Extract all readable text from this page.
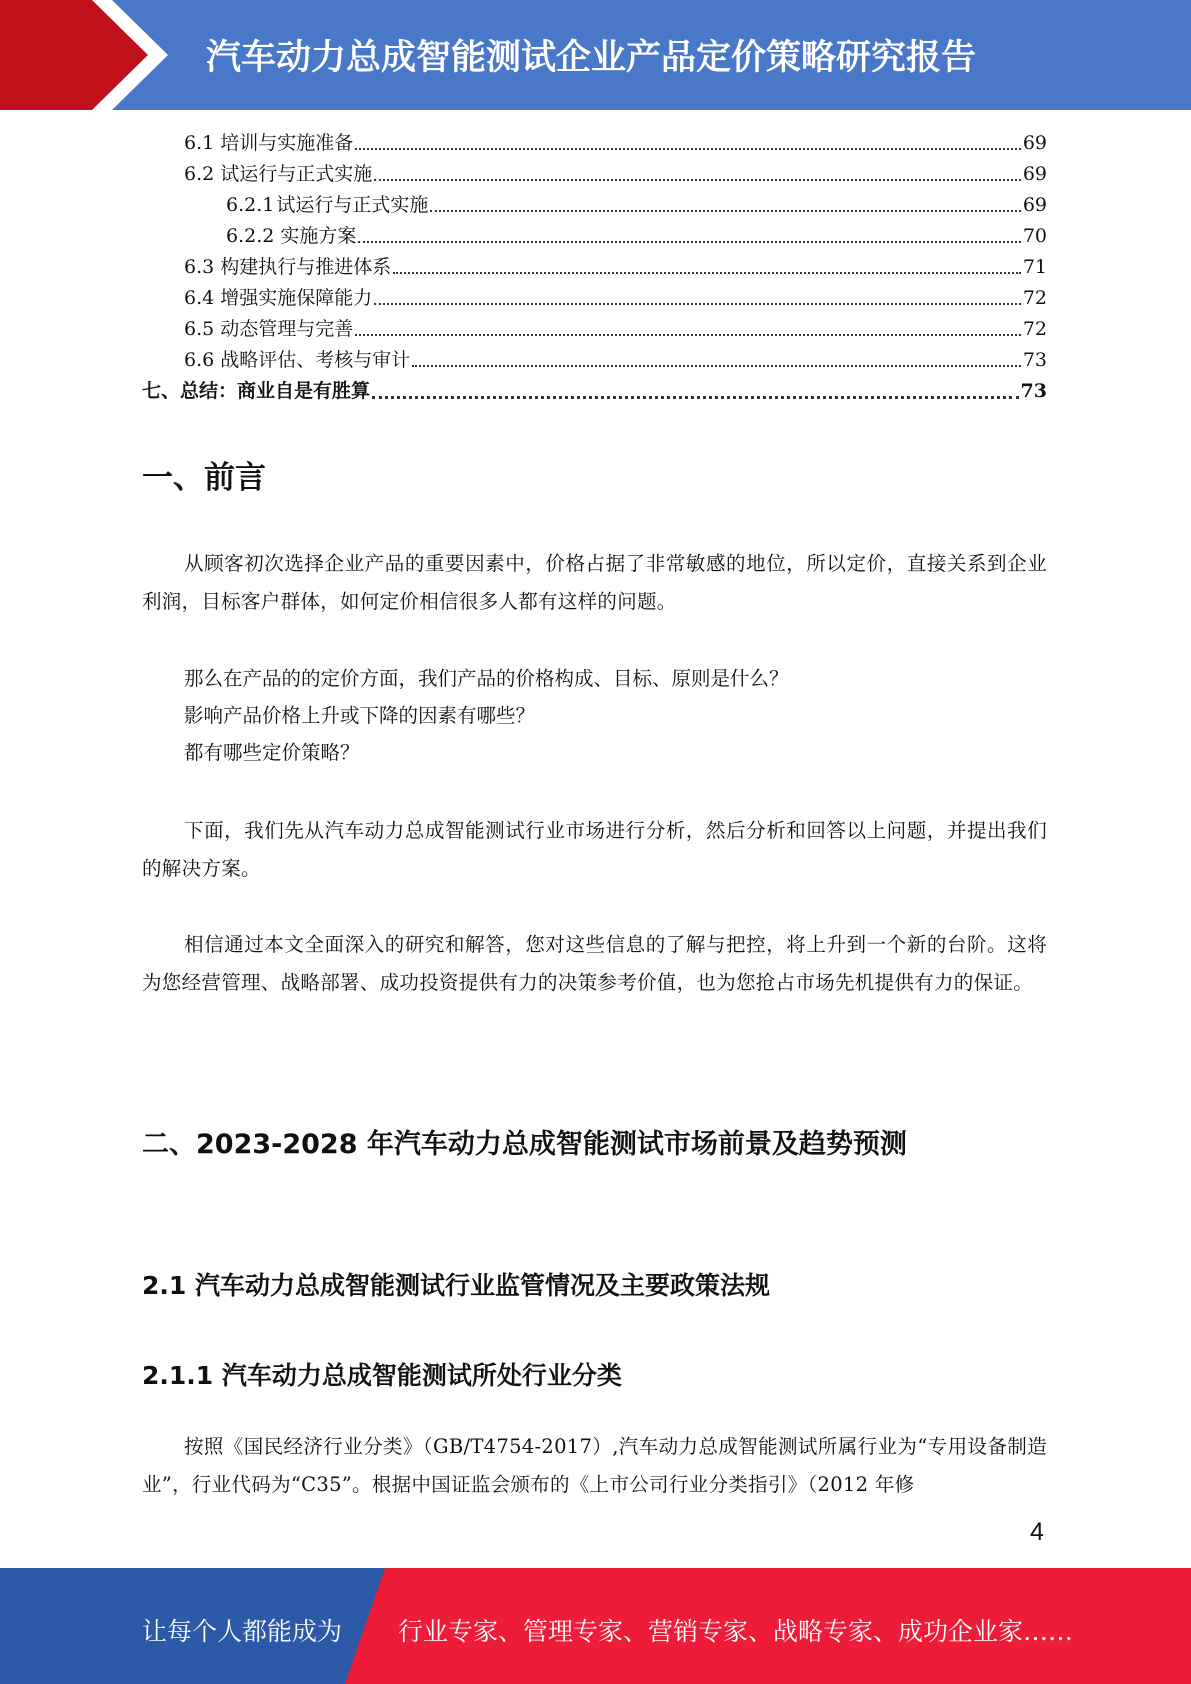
汽车动力总成智能测试企业产品定价策略研究报告
6.1 培训与实施准备	69
6.2 试运行与正式实施	69
6.2.1 试运行与正式实施	69
6.2.2 实施方案	70
6.3 构建执行与推进体系	71
6.4 增强实施保障能力	72
6.5 动态管理与完善	72
6.6 战略评估、考核与审计	73
七、总结：商业自是有胜算	73
一、前言
从顾客初次选择企业产品的重要因素中，价格占据了非常敏感的地位，所以定价，直接关系到企业利润，目标客户群体，如何定价相信很多人都有这样的问题。
那么在产品的的定价方面，我们产品的价格构成、目标、原则是什么？
影响产品价格上升或下降的因素有哪些？
都有哪些定价策略？
下面，我们先从汽车动力总成智能测试行业市场进行分析，然后分析和回答以上问题，并提出我们的解决方案。
相信通过本文全面深入的研究和解答，您对这些信息的了解与把控，将上升到一个新的台阶。这将为您经营管理、战略部署、成功投资提供有力的决策参考价值，也为您抢占市场先机提供有力的保证。
二、2023-2028 年汽车动力总成智能测试市场前景及趋势预测
2.1 汽车动力总成智能测试行业监管情况及主要政策法规
2.1.1 汽车动力总成智能测试所处行业分类
按照《国民经济行业分类》（GB/T4754-2017）,汽车动力总成智能测试所属行业为“专用设备制造业”，行业代码为“C35”。根据中国证监会颁布的《上市公司行业分类指引》（2012 年修
4
让每个人都能成为 行业专家、管理专家、营销专家、战略专家、成功企业家……
